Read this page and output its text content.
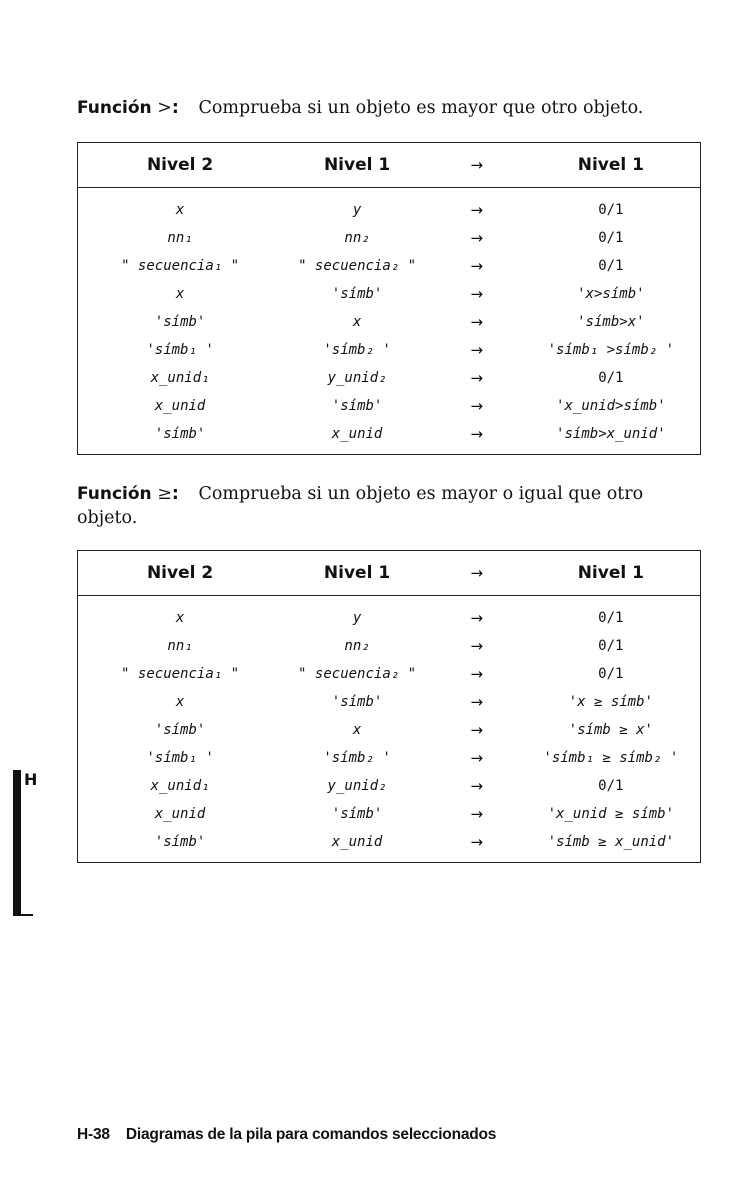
Función >: Comprueba si un objeto es mayor que otro objeto.
Nivel 2	Nivel 1	→	Nivel 1
x	y	→	0/1
nn₁	nn₂	→	0/1
" secuencia₁ "	" secuencia₂ "	→	0/1
x	'símb'	→	'x>símb'
'símb'	x	→	'símb>x'
'símb₁ '	'símb₂ '	→	'símb₁ >símb₂ '
x_unid₁	y_unid₂	→	0/1
x_unid	'símb'	→	'x_unid>símb'
'símb'	x_unid	→	'símb>x_unid'
Función ≥: Comprueba si un objeto es mayor o igual que otro objeto.
Nivel 2	Nivel 1	→	Nivel 1
x	y	→	0/1
nn₁	nn₂	→	0/1
" secuencia₁ "	" secuencia₂ "	→	0/1
x	'símb'	→	'x ≥ símb'
'símb'	x	→	'símb ≥ x'
'símb₁ '	'símb₂ '	→	'símb₁ ≥ símb₂ '
x_unid₁	y_unid₂	→	0/1
x_unid	'símb'	→	'x_unid ≥ símb'
'símb'	x_unid	→	'símb ≥ x_unid'
H
H-38 Diagramas de la pila para comandos seleccionados
